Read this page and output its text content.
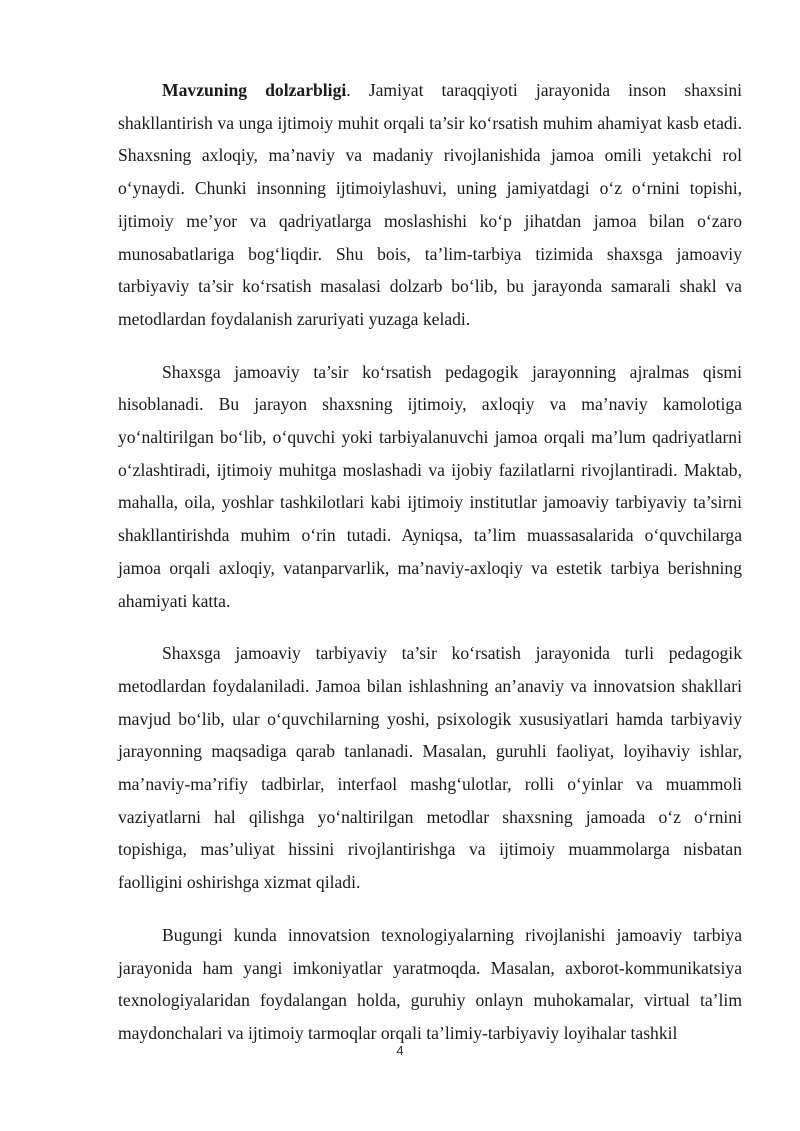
Mavzuning dolzarbligi. Jamiyat taraqqiyoti jarayonida inson shaxsini shakllantirish va unga ijtimoiy muhit orqali ta’sir ko‘rsatish muhim ahamiyat kasb etadi. Shaxsning axloqiy, ma’naviy va madaniy rivojlanishida jamoa omili yetakchi rol o‘ynaydi. Chunki insonning ijtimoiylashuvi, uning jamiyatdagi o‘z o‘rnini topishi, ijtimoiy me’yor va qadriyatlarga moslashishi ko‘p jihatdan jamoa bilan o‘zaro munosabatlariga bog‘liqdir. Shu bois, ta’lim-tarbiya tizimida shaxsga jamoaviy tarbiyaviy ta’sir ko‘rsatish masalasi dolzarb bo‘lib, bu jarayonda samarali shakl va metodlardan foydalanish zaruriyati yuzaga keladi.

Shaxsga jamoaviy ta’sir ko‘rsatish pedagogik jarayonning ajralmas qismi hisoblanadi. Bu jarayon shaxsning ijtimoiy, axloqiy va ma’naviy kamolotiga yo‘naltirilgan bo‘lib, o‘quvchi yoki tarbiyalanuvchi jamoa orqali ma’lum qadriyatlarni o‘zlashtiradi, ijtimoiy muhitga moslashadi va ijobiy fazilatlarni rivojlantiradi. Maktab, mahalla, oila, yoshlar tashkilotlari kabi ijtimoiy institutlar jamoaviy tarbiyaviy ta’sirni shakllantirishda muhim o‘rin tutadi. Ayniqsa, ta’lim muassasalarida o‘quvchilarga jamoa orqali axloqiy, vatanparvarlik, ma’naviy-axloqiy va estetik tarbiya berishning ahamiyati katta.

Shaxsga jamoaviy tarbiyaviy ta’sir ko‘rsatish jarayonida turli pedagogik metodlardan foydalaniladi. Jamoa bilan ishlashning an’anaviy va innovatsion shakllari mavjud bo‘lib, ular o‘quvchilarning yoshi, psixologik xususiyatlari hamda tarbiyaviy jarayonning maqsadiga qarab tanlanadi. Masalan, guruhli faoliyat, loyihaviy ishlar, ma’naviy-ma’rifiy tadbirlar, interfaol mashg‘ulotlar, rolli o‘yinlar va muammoli vaziyatlarni hal qilishga yo‘naltirilgan metodlar shaxsning jamoada o‘z o‘rnini topishiga, mas’uliyat hissini rivojlantirishga va ijtimoiy muammolarga nisbatan faolligini oshirishga xizmat qiladi.

Bugungi kunda innovatsion texnologiyalarning rivojlanishi jamoaviy tarbiya jarayonida ham yangi imkoniyatlar yaratmoqda. Masalan, axborot-kommunikatsiya texnologiyalaridan foydalangan holda, guruhiy onlayn muhokamalar, virtual ta’lim maydonchalari va ijtimoiy tarmoqlar orqali ta’limiy-tarbiyaviy loyihalar tashkil

4
